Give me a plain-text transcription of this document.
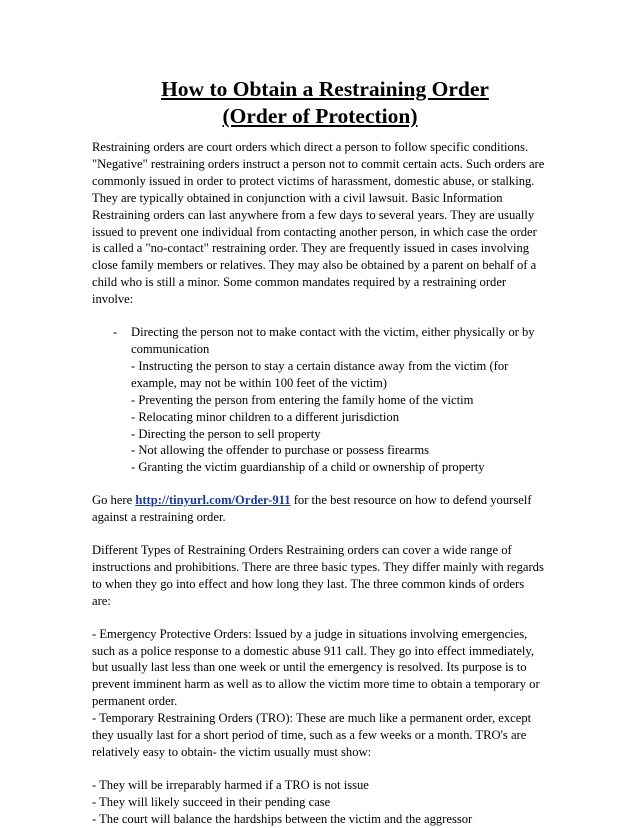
How to Obtain a Restraining Order
(Order of Protection)

Restraining orders are court orders which direct a person to follow specific conditions.
"Negative" restraining orders instruct a person not to commit certain acts. Such orders are
commonly issued in order to protect victims of harassment, domestic abuse, or stalking.
They are typically obtained in conjunction with a civil lawsuit. Basic Information
Restraining orders can last anywhere from a few days to several years. They are usually
issued to prevent one individual from contacting another person, in which case the order
is called a "no-contact" restraining order. They are frequently issued in cases involving
close family members or relatives. They may also be obtained by a parent on behalf of a
child who is still a minor. Some common mandates required by a restraining order
involve:

- Directing the person not to make contact with the victim, either physically or by
communication
- Instructing the person to stay a certain distance away from the victim (for
example, may not be within 100 feet of the victim)
- Preventing the person from entering the family home of the victim
- Relocating minor children to a different jurisdiction
- Directing the person to sell property
- Not allowing the offender to purchase or possess firearms
- Granting the victim guardianship of a child or ownership of property

Go here http://tinyurl.com/Order-911 for the best resource on how to defend yourself
against a restraining order.

Different Types of Restraining Orders Restraining orders can cover a wide range of
instructions and prohibitions. There are three basic types. They differ mainly with regards
to when they go into effect and how long they last. The three common kinds of orders
are:

- Emergency Protective Orders: Issued by a judge in situations involving emergencies,
such as a police response to a domestic abuse 911 call. They go into effect immediately,
but usually last less than one week or until the emergency is resolved. Its purpose is to
prevent imminent harm as well as to allow the victim more time to obtain a temporary or
permanent order.
- Temporary Restraining Orders (TRO): These are much like a permanent order, except
they usually last for a short period of time, such as a few weeks or a month. TRO's are
relatively easy to obtain- the victim usually must show:

- They will be irreparably harmed if a TRO is not issue
- They will likely succeed in their pending case
- The court will balance the hardships between the victim and the aggressor
